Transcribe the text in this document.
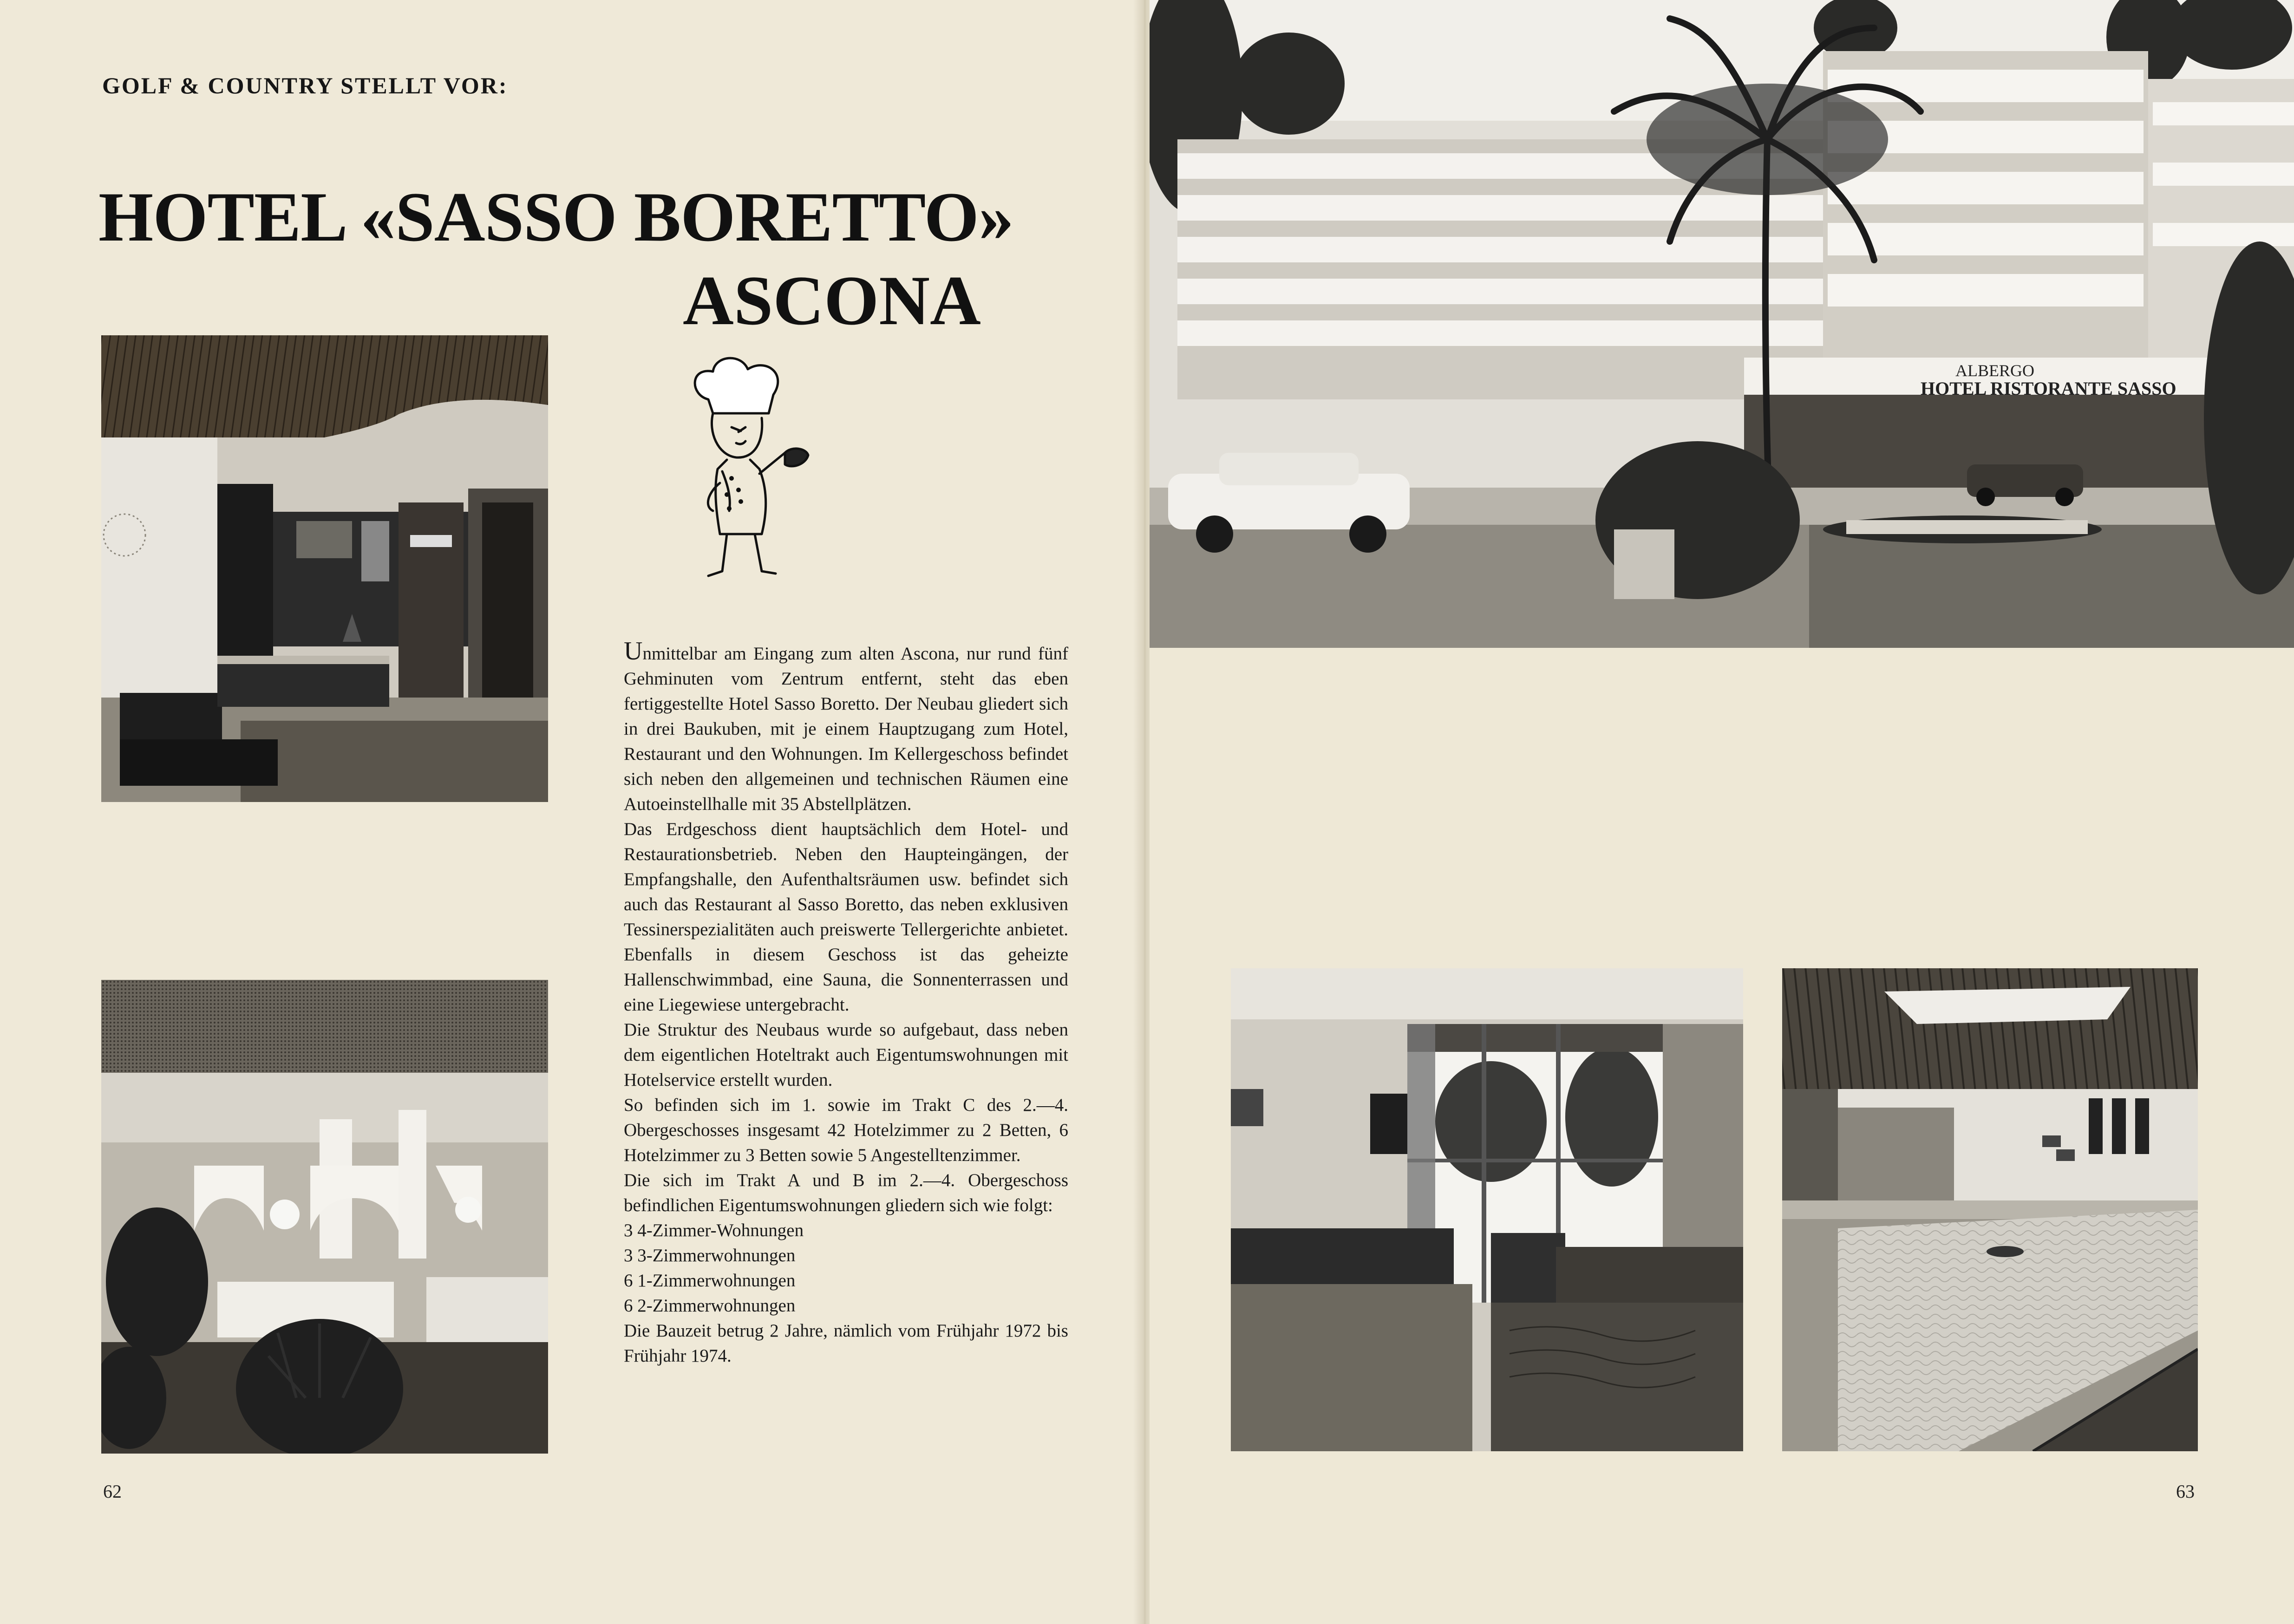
GOLF & COUNTRY STELLT VOR:
HOTEL «SASSO BORETTO»
ASCONA

Unmittelbar am Eingang zum alten Ascona, nur rund fünf Gehminuten vom Zentrum entfernt, steht das eben fertiggestellte Hotel Sasso Boretto. Der Neubau gliedert sich in drei Baukuben, mit je einem Hauptzugang zum Hotel, Restaurant und den Wohnungen. Im Kellergeschoss befindet sich neben den allgemeinen und technischen Räumen eine Autoeinstellhalle mit 35 Abstellplätzen.

Das Erdgeschoss dient hauptsächlich dem Hotel- und Restaurationsbetrieb. Neben den Haupteingängen, der Empfangshalle, den Aufenthaltsräumen usw. befindet sich auch das Restaurant al Sasso Boretto, das neben exklusiven Tessinerspezialitäten auch preiswerte Tellergerichte anbietet. Ebenfalls in diesem Geschoss ist das geheizte Hallenschwimmbad, eine Sauna, die Sonnenterrassen und eine Liegewiese untergebracht.

Die Struktur des Neubaus wurde so aufgebaut, dass neben dem eigentlichen Hoteltrakt auch Eigentumswohnungen mit Hotelservice erstellt wurden.

So befinden sich im 1. sowie im Trakt C des 2.—4. Obergeschosses insgesamt 42 Hotelzimmer zu 2 Betten, 6 Hotelzimmer zu 3 Betten sowie 5 Angestelltenzimmer.

Die sich im Trakt A und B im 2.—4. Obergeschoss befindlichen Eigentumswohnungen gliedern sich wie folgt:

3 4-Zimmer-Wohnungen

3 3-Zimmerwohnungen

6 1-Zimmerwohnungen

6 2-Zimmerwohnungen

Die Bauzeit betrug 2 Jahre, nämlich vom Frühjahr 1972 bis Frühjahr 1974.

62
ALBERGO
HOTEL RISTORANTE SASSO
63
